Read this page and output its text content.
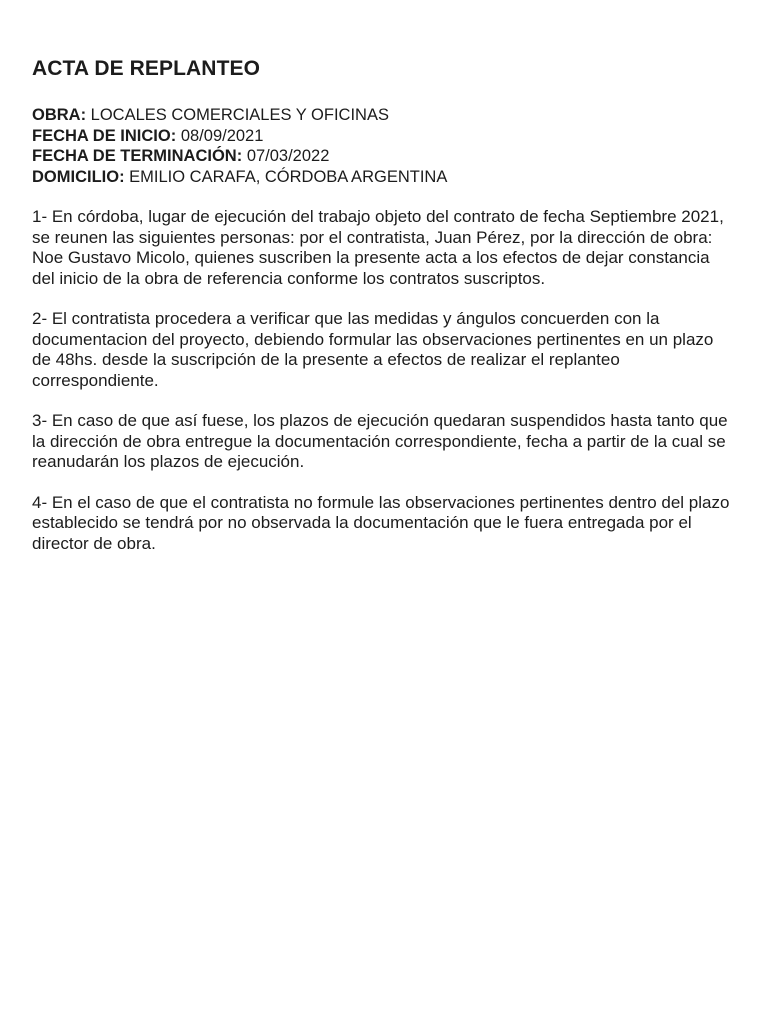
ACTA DE REPLANTEO
OBRA: LOCALES COMERCIALES Y OFICINAS
FECHA DE INICIO: 08/09/2021
FECHA DE TERMINACIÓN: 07/03/2022
DOMICILIO: EMILIO CARAFA, CÓRDOBA ARGENTINA

1- En córdoba, lugar de ejecución del trabajo objeto del contrato de fecha Septiembre 2021, se reunen las siguientes personas: por el contratista, Juan Pérez, por la dirección de obra: Noe Gustavo Micolo, quienes suscriben la presente acta a los efectos de dejar constancia del inicio de la obra de referencia conforme los contratos suscriptos.

2- El contratista procedera a verificar que las medidas y ángulos concuerden con la documentacion del proyecto, debiendo formular las observaciones pertinentes en un plazo de 48hs. desde la suscripción de la presente a efectos de realizar el replanteo correspondiente.

3- En caso de que así fuese, los plazos de ejecución quedaran suspendidos hasta tanto que la dirección de obra entregue la documentación correspondiente, fecha a partir de la cual se reanudarán los plazos de ejecución.

4- En el caso de que el contratista no formule las observaciones pertinentes dentro del plazo establecido se tendrá por no observada la documentación que le fuera entregada por el director de obra.
